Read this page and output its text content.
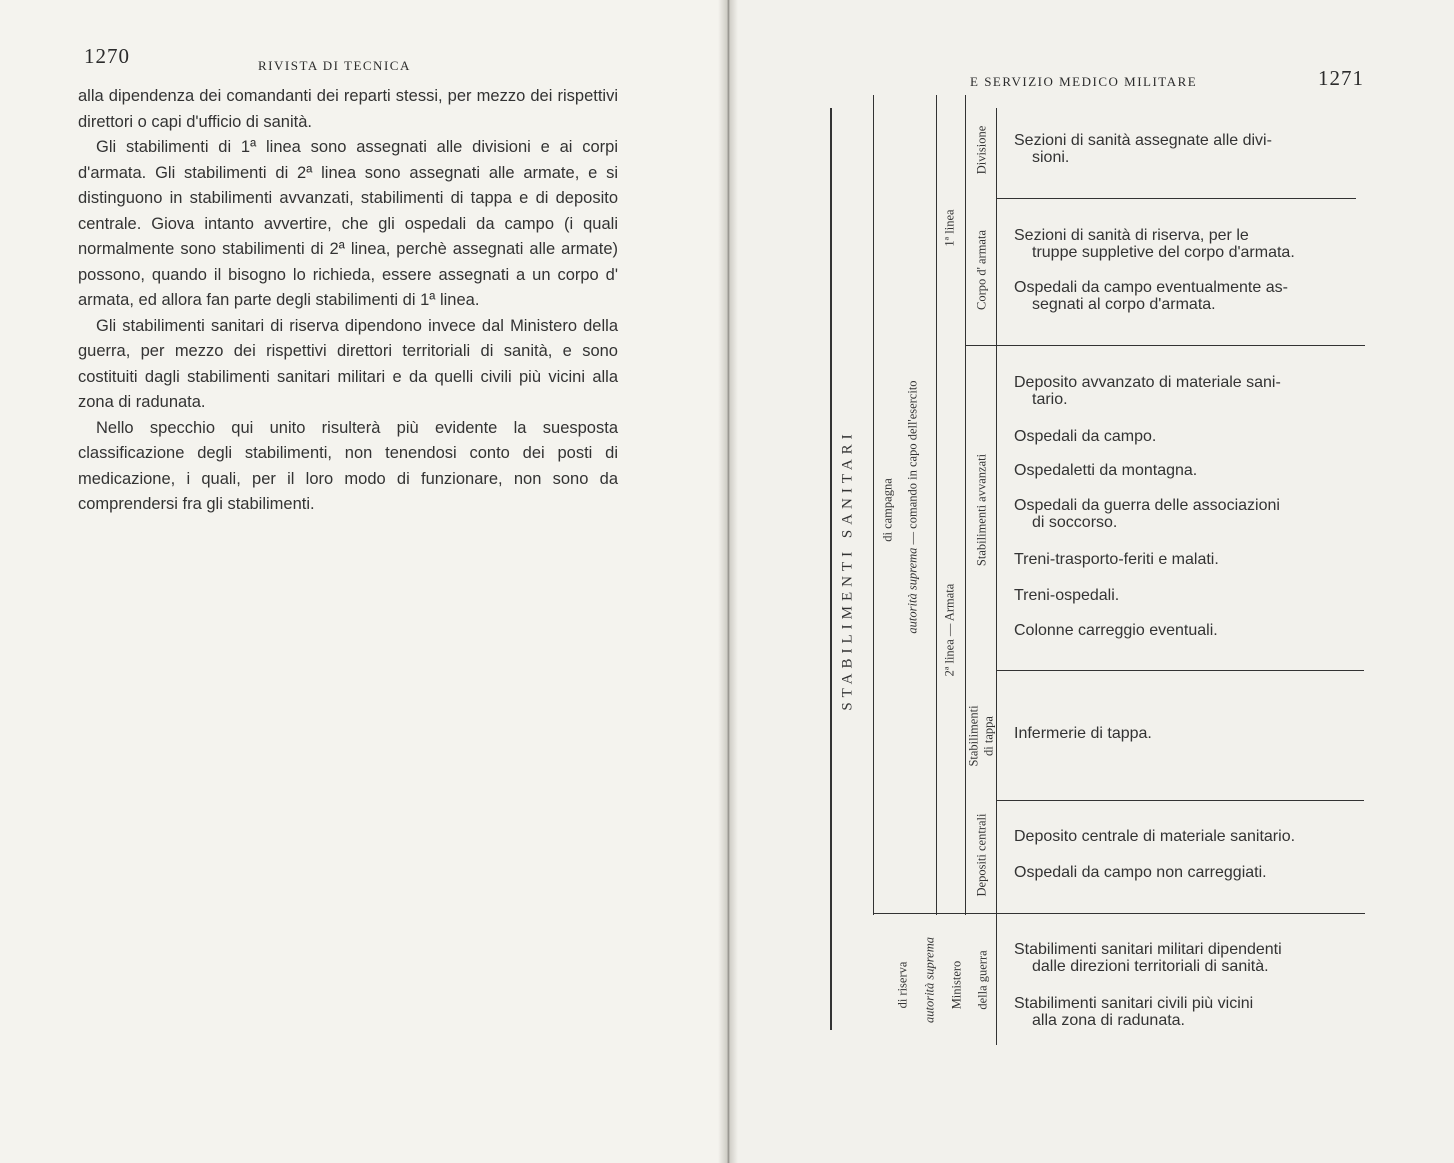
1270	RIVISTA DI TECNICA

alla dipendenza dei comandanti dei reparti stessi, per mezzo dei rispettivi direttori o capi d'ufficio di sanità.

Gli stabilimenti di 1ª linea sono assegnati alle divisioni e ai corpi d'armata. Gli stabilimenti di 2ª linea sono assegnati alle armate, e si distinguono in stabilimenti avvanzati, stabilimenti di tappa e di deposito centrale. Giova intanto avvertire, che gli ospedali da campo (i quali normalmente sono stabilimenti di 2ª linea, perchè assegnati alle armate) possono, quando il bisogno lo richieda, essere assegnati a un corpo d' armata, ed allora fan parte degli stabilimenti di 1ª linea.

Gli stabilimenti sanitari di riserva dipendono invece dal Ministero della guerra, per mezzo dei rispettivi direttori territoriali di sanità, e sono costituiti dagli stabilimenti sanitari militari e da quelli civili più vicini alla zona di radunata.

Nello specchio qui unito risulterà più evidente la suesposta classificazione degli stabilimenti, non tenendosi conto dei posti di medicazione, i quali, per il loro modo di funzionare, non sono da comprendersi fra gli stabilimenti.

E SERVIZIO MEDICO MILITARE	1271
STABILIMENTI SANITARI di campagna
autorità suprema — comando in capo dell'esercito
1ª linea
Divisione
Corpo d' armata
2ª linea — Armata
Stabilimenti avvanzati
Stabilimenti di tappa
Depositi centrali
di riserva autorità suprema Ministero della guerra
Sezioni di sanità assegnate alle divi-
sioni.
Sezioni di sanità di riserva, per le
truppe suppletive del corpo d'armata.
Ospedali da campo eventualmente as-
segnati al corpo d'armata.
Deposito avvanzato di materiale sani-
tario.
Ospedali da campo.
Ospedaletti da montagna.
Ospedali da guerra delle associazioni
di soccorso.
Treni-trasporto-feriti e malati.
Treni-ospedali.
Colonne carreggio eventuali.
Infermerie di tappa.
Deposito centrale di materiale sanitario.
Ospedali da campo non carreggiati.
Stabilimenti sanitari militari dipendenti
dalle direzioni territoriali di sanità.
Stabilimenti sanitari civili più vicini
alla zona di radunata.
